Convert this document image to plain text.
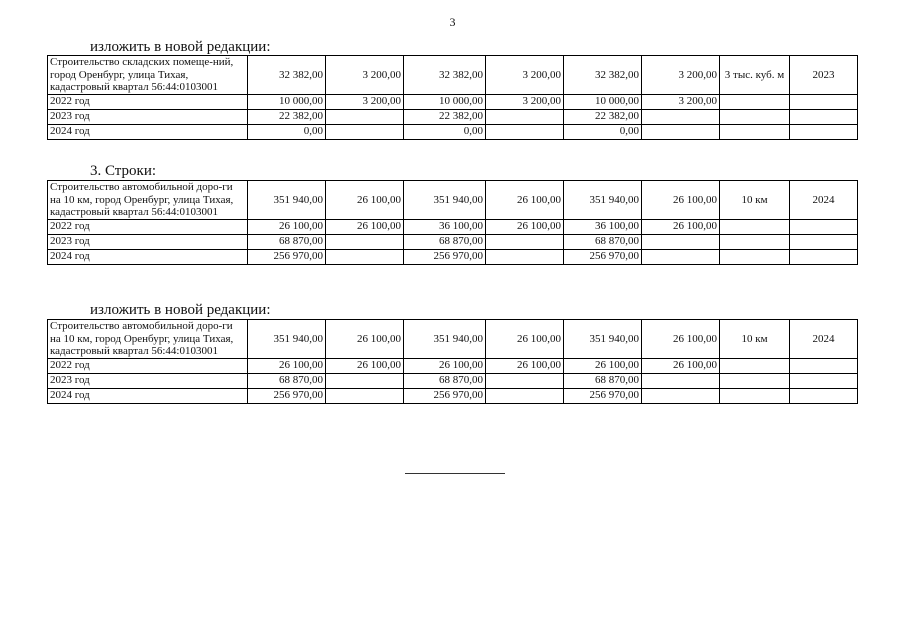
3
изложить в новой редакции:
Строительство складских помеще-ний, город Оренбург, улица Тихая, кадастровый квартал 56:44:0103001	32 382,00	3 200,00	32 382,00	3 200,00	32 382,00	3 200,00	3 тыс. куб. м	2023
2022 год	10 000,00	3 200,00	10 000,00	3 200,00	10 000,00	3 200,00		
2023 год	22 382,00		22 382,00		22 382,00			
2024 год	0,00		0,00		0,00			
3. Строки:
Строительство автомобильной доро-ги на 10 км, город Оренбург, улица Тихая, кадастровый квартал 56:44:0103001	351 940,00	26 100,00	351 940,00	26 100,00	351 940,00	26 100,00	10 км	2024
2022 год	26 100,00	26 100,00	36 100,00	26 100,00	36 100,00	26 100,00		
2023 год	68 870,00		68 870,00		68 870,00			
2024 год	256 970,00		256 970,00		256 970,00			
изложить в новой редакции:
Строительство автомобильной доро-ги на 10 км, город Оренбург, улица Тихая, кадастровый квартал 56:44:0103001	351 940,00	26 100,00	351 940,00	26 100,00	351 940,00	26 100,00	10 км	2024
2022 год	26 100,00	26 100,00	26 100,00	26 100,00	26 100,00	26 100,00		
2023 год	68 870,00		68 870,00		68 870,00			
2024 год	256 970,00		256 970,00		256 970,00			
